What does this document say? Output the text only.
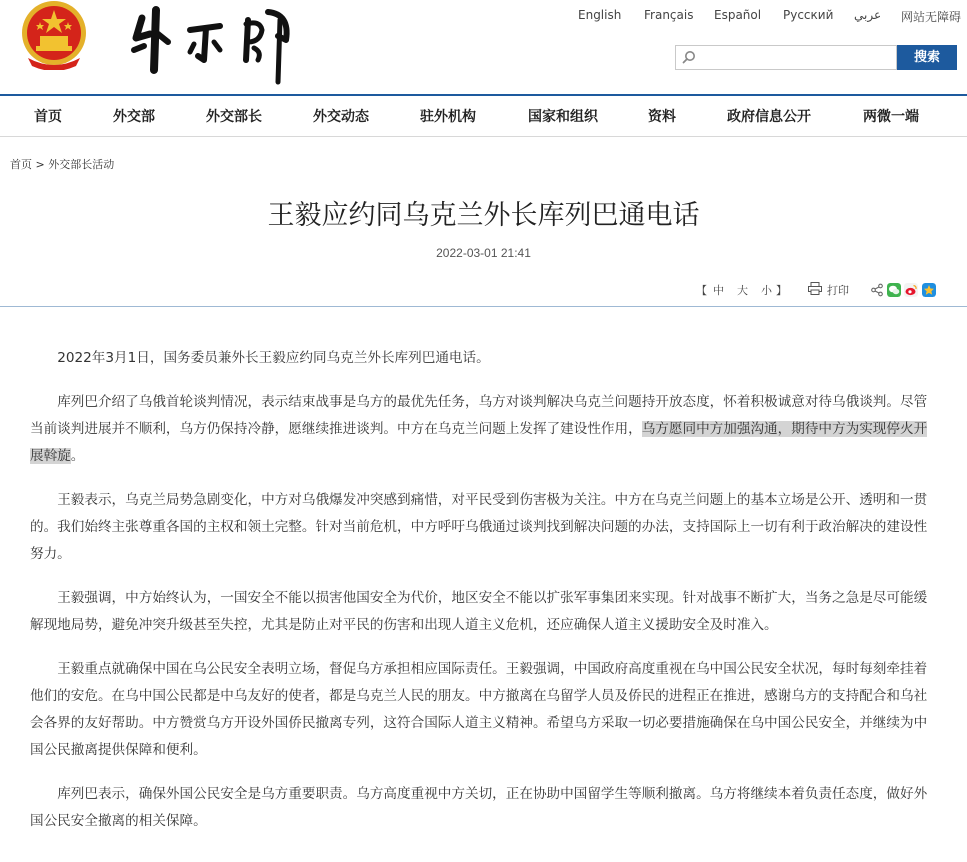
English Français Español Русский عربي 网站无障碍
搜索
首页	外交部	外交部长	外交动态	驻外机构	国家和组织	资料	政府信息公开	两微一端
首页 > 外交部长活动
王毅应约同乌克兰外长库列巴通电话
2022-03-01 21:41
【 中 大 小 】	打印

2022年3月1日，国务委员兼外长王毅应约同乌克兰外长库列巴通电话。

库列巴介绍了乌俄首轮谈判情况，表示结束战事是乌方的最优先任务，乌方对谈判解决乌克兰问题持开放态度，怀着积极诚意对待乌俄谈判。尽管当前谈判进展并不顺利，乌方仍保持冷静，愿继续推进谈判。中方在乌克兰问题上发挥了建设性作用，乌方愿同中方加强沟通，期待中方为实现停火开展斡旋。

王毅表示，乌克兰局势急剧变化，中方对乌俄爆发冲突感到痛惜，对平民受到伤害极为关注。中方在乌克兰问题上的基本立场是公开、透明和一贯的。我们始终主张尊重各国的主权和领土完整。针对当前危机，中方呼吁乌俄通过谈判找到解决问题的办法，支持国际上一切有利于政治解决的建设性努力。

王毅强调，中方始终认为，一国安全不能以损害他国安全为代价，地区安全不能以扩张军事集团来实现。针对战事不断扩大，当务之急是尽可能缓解现地局势，避免冲突升级甚至失控，尤其是防止对平民的伤害和出现人道主义危机，还应确保人道主义援助安全及时准入。

王毅重点就确保中国在乌公民安全表明立场，督促乌方承担相应国际责任。王毅强调，中国政府高度重视在乌中国公民安全状况，每时每刻牵挂着他们的安危。在乌中国公民都是中乌友好的使者，都是乌克兰人民的朋友。中方撤离在乌留学人员及侨民的进程正在推进，感谢乌方的支持配合和乌社会各界的友好帮助。中方赞赏乌方开设外国侨民撤离专列，这符合国际人道主义精神。希望乌方采取一切必要措施确保在乌中国公民安全，并继续为中国公民撤离提供保障和便利。

库列巴表示，确保外国公民安全是乌方重要职责。乌方高度重视中方关切，正在协助中国留学生等顺利撤离。乌方将继续本着负责任态度，做好外国公民安全撤离的相关保障。
